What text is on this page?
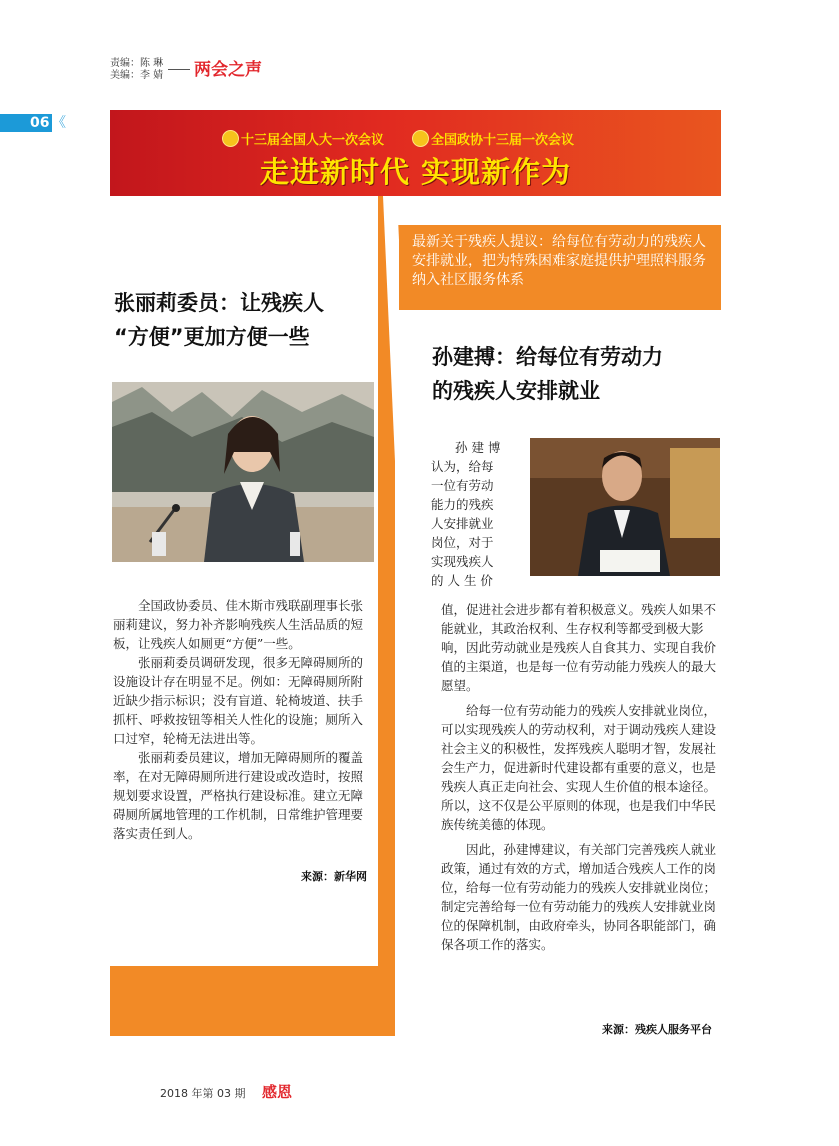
责编：陈 琳
美编：李 婧 两会之声
06 《
十三届全国人大一次会议	全国政协十三届一次会议
走进新时代 实现新作为
最新关于残疾人提议：给每位有劳动力的残疾人安排就业，把为特殊困难家庭提供护理照料服务纳入社区服务体系
张丽莉委员：让残疾人
“方便”更加方便一些

全国政协委员、佳木斯市残联副理事长张丽莉建议，努力补齐影响残疾人生活品质的短板，让残疾人如厕更“方便”一些。

张丽莉委员调研发现，很多无障碍厕所的设施设计存在明显不足。例如：无障碍厕所附近缺少指示标识；没有盲道、轮椅坡道、扶手抓杆、呼救按钮等相关人性化的设施；厕所入口过窄，轮椅无法进出等。

张丽莉委员建议，增加无障碍厕所的覆盖率，在对无障碍厕所进行建设或改造时，按照规划要求设置，严格执行建设标准。建立无障碍厕所属地管理的工作机制，日常维护管理要落实责任到人。

来源：新华网
孙建搏：给每位有劳动力
的残疾人安排就业

孙 建 博
认为，给每
一位有劳动
能力的残疾
人安排就业
岗位，对于
实现残疾人
的 人 生 价

值，促进社会进步都有着积极意义。残疾人如果不能就业，其政治权利、生存权利等都受到极大影响，因此劳动就业是残疾人自食其力、实现自我价值的主渠道，也是每一位有劳动能力残疾人的最大愿望。

给每一位有劳动能力的残疾人安排就业岗位，可以实现残疾人的劳动权利，对于调动残疾人建设社会主义的积极性，发挥残疾人聪明才智，发展社会生产力，促进新时代建设都有重要的意义，也是残疾人真正走向社会、实现人生价值的根本途径。所以，这不仅是公平原则的体现，也是我们中华民族传统美德的体现。

因此，孙建博建议，有关部门完善残疾人就业政策，通过有效的方式，增加适合残疾人工作的岗位，给每一位有劳动能力的残疾人安排就业岗位；制定完善给每一位有劳动能力的残疾人安排就业岗位的保障机制，由政府牵头，协同各职能部门，确保各项工作的落实。

来源：残疾人服务平台
2018 年第 03 期 感恩
